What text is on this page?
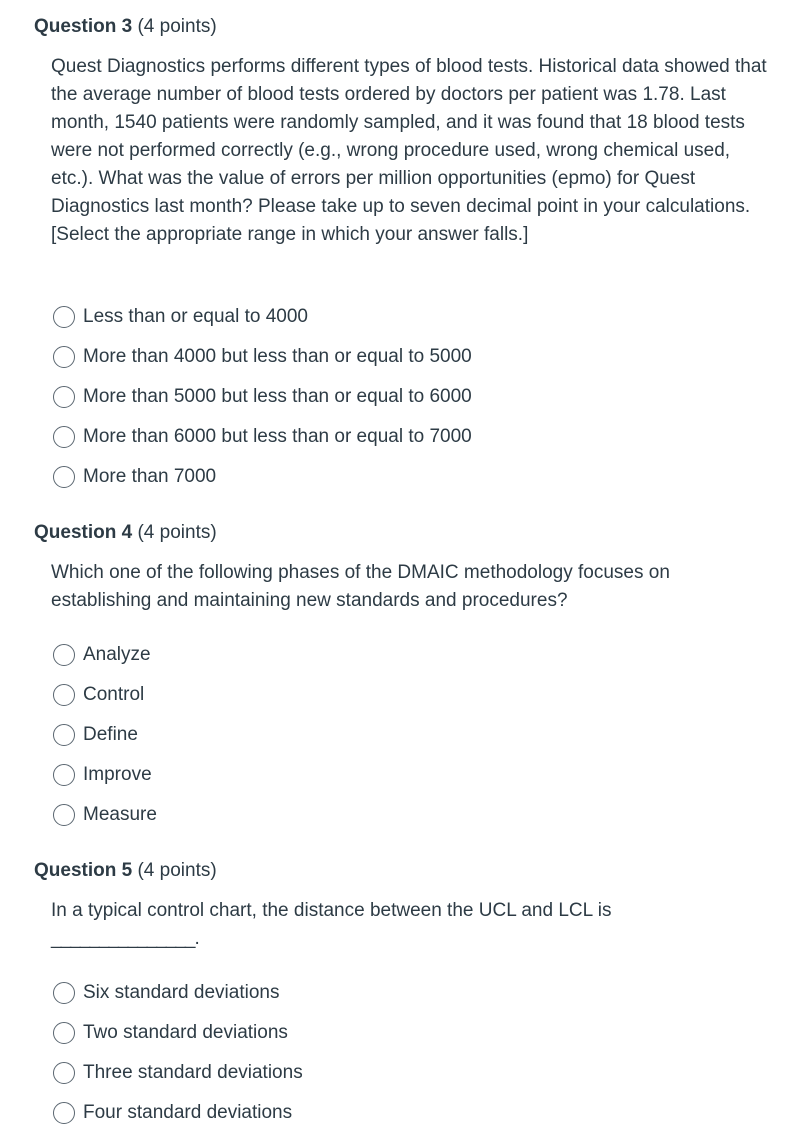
Question 3 (4 points)
Quest Diagnostics performs different types of blood tests. Historical data showed that the average number of blood tests ordered by doctors per patient was 1.78. Last month, 1540 patients were randomly sampled, and it was found that 18 blood tests were not performed correctly (e.g., wrong procedure used, wrong chemical used, etc.). What was the value of errors per million opportunities (epmo) for Quest Diagnostics last month? Please take up to seven decimal point in your calculations. [Select the appropriate range in which your answer falls.]
Less than or equal to 4000
More than 4000 but less than or equal to 5000
More than 5000 but less than or equal to 6000
More than 6000 but less than or equal to 7000
More than 7000
Question 4 (4 points)
Which one of the following phases of the DMAIC methodology focuses on establishing and maintaining new standards and procedures?
Analyze
Control
Define
Improve
Measure
Question 5 (4 points)
In a typical control chart, the distance between the UCL and LCL is
_______________.
Six standard deviations
Two standard deviations
Three standard deviations
Four standard deviations
